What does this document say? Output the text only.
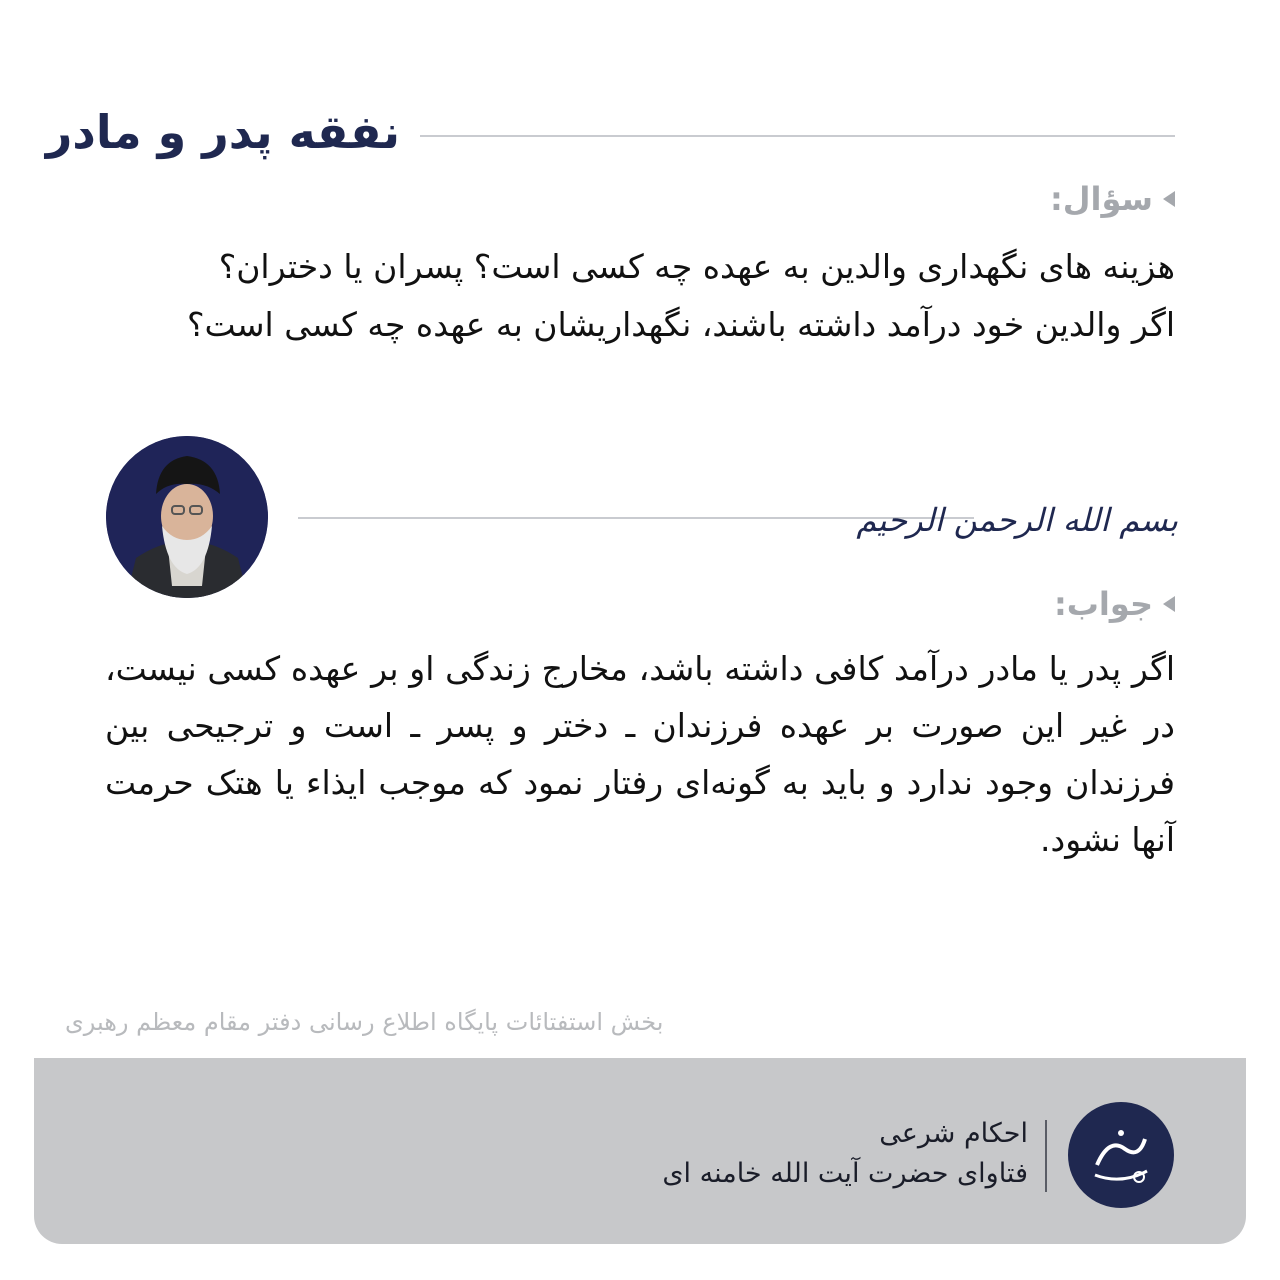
نفقه پدر و مادر
سؤال:
هزینه های نگهداری والدین به عهده چه کسی است؟ پسران یا دختران؟
اگر والدین خود درآمد داشته باشند، نگهداریشان به عهده چه کسی است؟
بسم الله الرحمن الرحیم
جواب:
اگر پدر یا مادر درآمد کافی داشته باشد، مخارج زندگی او بر عهده کسی نیست، در غیر این صورت بر عهده فرزندان ـ دختر و پسر ـ است و ترجیحی بین فرزندان وجود ندارد و باید به گونه‌ای رفتار نمود که موجب ایذاء یا هتک حرمت آنها نشود.
بخش استفتائات پایگاه اطلاع رسانی دفتر مقام معظم رهبری
احکام شرعی
فتاوای حضرت آیت الله خامنه ای
